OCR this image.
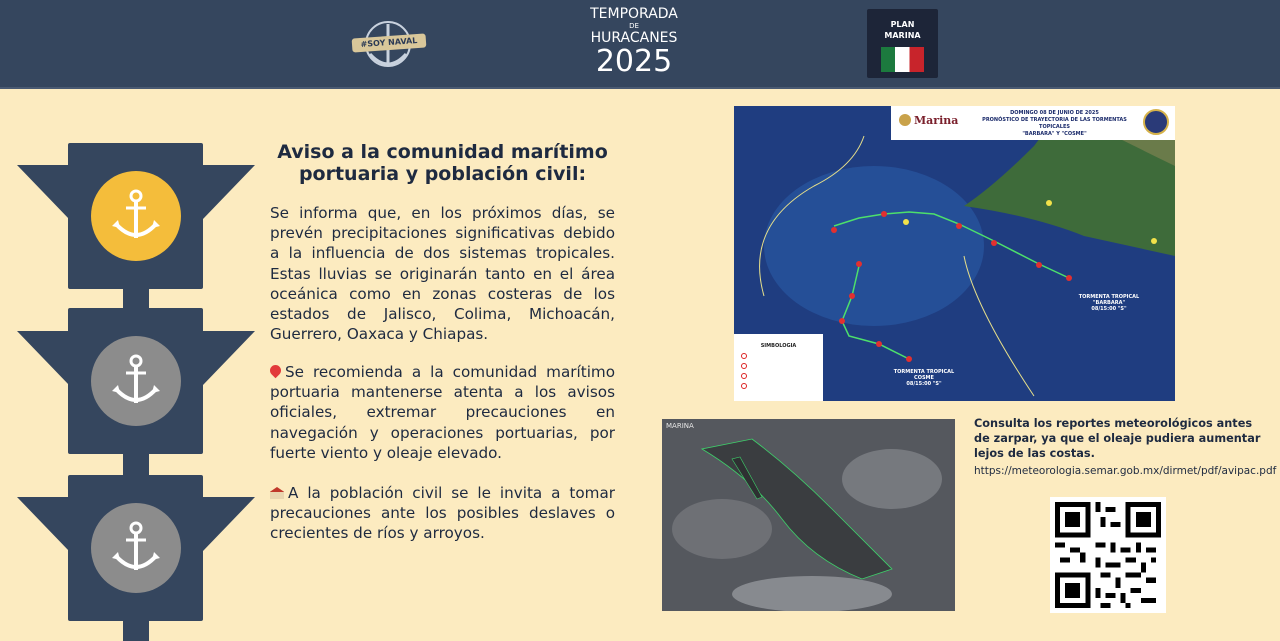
#SOY NAVAL
TEMPORADA
DE
HURACANES
2025
PLAN
MARINA
Aviso a la comunidad marítimo portuaria y población civil:
Se informa que, en los próximos días, se prevén precipitaciones significativas debido a la influencia de dos sistemas tropicales. Estas lluvias se originarán tanto en el área oceánica como en zonas costeras de los estados de Jalisco, Colima, Michoacán, Guerrero, Oaxaca y Chiapas.
Se recomienda a la comunidad marítimo portuaria mantenerse atenta a los avisos oficiales, extremar precauciones en navegación y operaciones portuarias, por fuerte viento y oleaje elevado.
A la población civil se le invita a tomar precauciones ante los posibles deslaves o crecientes de ríos y arroyos.
Marina
DOMINGO 08 DE JUNIO DE 2025
PRONÓSTICO DE TRAYECTORIA DE LAS TORMENTAS TOPICALES
"BARBARA" Y "COSME"
TORMENTA TROPICAL
"BARBARA"
08/15:00 "S"
TORMENTA TROPICAL
COSME
08/15:00 "S"
SIMBOLOGIA
MARINA	Consulta los reportes meteorológicos antes de zarpar, ya que el oleaje pudiera aumentar lejos de las costas.
https://meteorologia.semar.gob.mx/dirmet/pdf/avipac.pdf
